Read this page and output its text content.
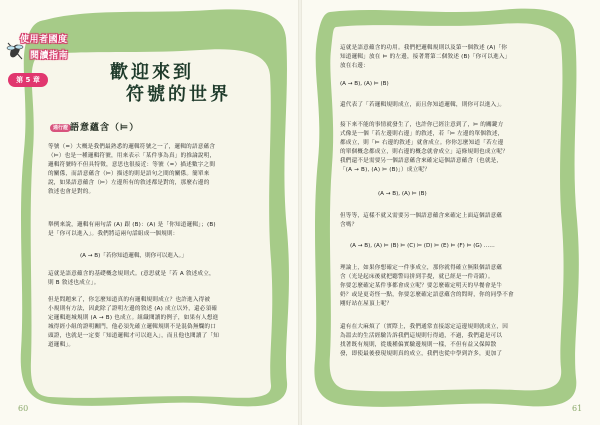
使用者國度
閱讀指南
第 5 章	歡迎來到
符號的世界
通行證 語意蘊含（⊨）
等號（=）大概是我們最熟悉的邏輯符號之一了，邏輯的語意蘊含
（⊨）也是一種邏輯符號，用來表示「某件事為真」的推論說明，
邏輯符號時不但具特徵，意思也很接近：等號（=）描述數字之間
的關係，而語意蘊含（⊨）描述的則是語句之間的關係。簡單來
說，如果語意蘊含（⊨）左邊所有的敘述都是對的，那麼右邊的
敘述也會是對的。
舉例來說，邏輯有兩句話 (A) 跟 (B)：(A) 是「你知道邏輯」；(B)
是「你可以進入」。我們將這兩句話組成一個規則：
(A → B)「若你知道邏輯，則你可以進入。」
這就是語意蘊含的基礎概念規則式。(意思就是「若 A 敘述成立，
則 B 敘述也成立」。
但是問題來了，你怎麼知道真的有邏輯規則成立？也許進入得被
小規則有方法，因此除了證明左邊的敘述 (A) 成立以外，還必須確
定邏輯進城規則 (A → B) 也成立。組織閱讀的例子，如果有人想進
城得經小組的證明關門，他必須先確立邏輯規則不是混偽無爛的口
頭證，也就是一定要「知道邏輯才可以進入」，而且他也閱讀了「知
道邏輯」。
60
這就是語意蘊含的功用。我們把邏輯規則以及第一個敘述 (A)「你
知道邏輯」放在 ⊨ 的左邊，接著將第二個敘述 (B)「你可以進入」
放在右邊：
(A → B), (A) ⊨ (B)
還代表了「若邏輯規則成立，而且你知道邏輯，則你可以進入」。
接下來不能的事情就發生了，也許你已經注意到了，⊨ 的關鍵方
式像是一個「若左邊則右邊」的敘述，若「⊨ 左邊的單個敘述，
都成立，則「⊨ 右邊的敘述」就會成立。你你怎麼知道「若左邊
的單個概念都成立，則右邊的概念就會成立」這條規則也成立呢？
我們還不是需要另一個語意蘊含來確定這個語意蘊含（也就是，
「(A → B), (A) ⊨ (B)」）成立呢？
(A → B), (A) ⊨ (B)
但等等，這樣不就又需要另一個語意蘊含來確定上面這個語意蘊
含嗎？
(A → B), (A) ⊨ (B) ⊨ (C) ⊨ (D) ⊨ (E) ⊨ (F) ⊨ (G) ……
理論上，如果你想確定一件事成立，那你就得確立無限個語意蘊
含（光是起床後就把聽警局拼到手提，就已經是一件奇蹟）。
你要怎麼確定某件事都會成立呢？要怎麼確定明天的早餐會是牛
奶？或是更奇怪一點，你要怎麼確定語意蘊含的問時，你的同學不會
剛好站在屋頂上呢？
還有在大麻煩了（實際上，我們通常直接認定這邊規則就成立，因
為溫去的生活經驗告訴我們這規則行得通，不過，我們還是可以
找著既有規則，從幾種偏實驗邊規則一樣，不但有益又保障散
發，即使最後發現規則真的成立，我們也從中學到許多，更加了
61
